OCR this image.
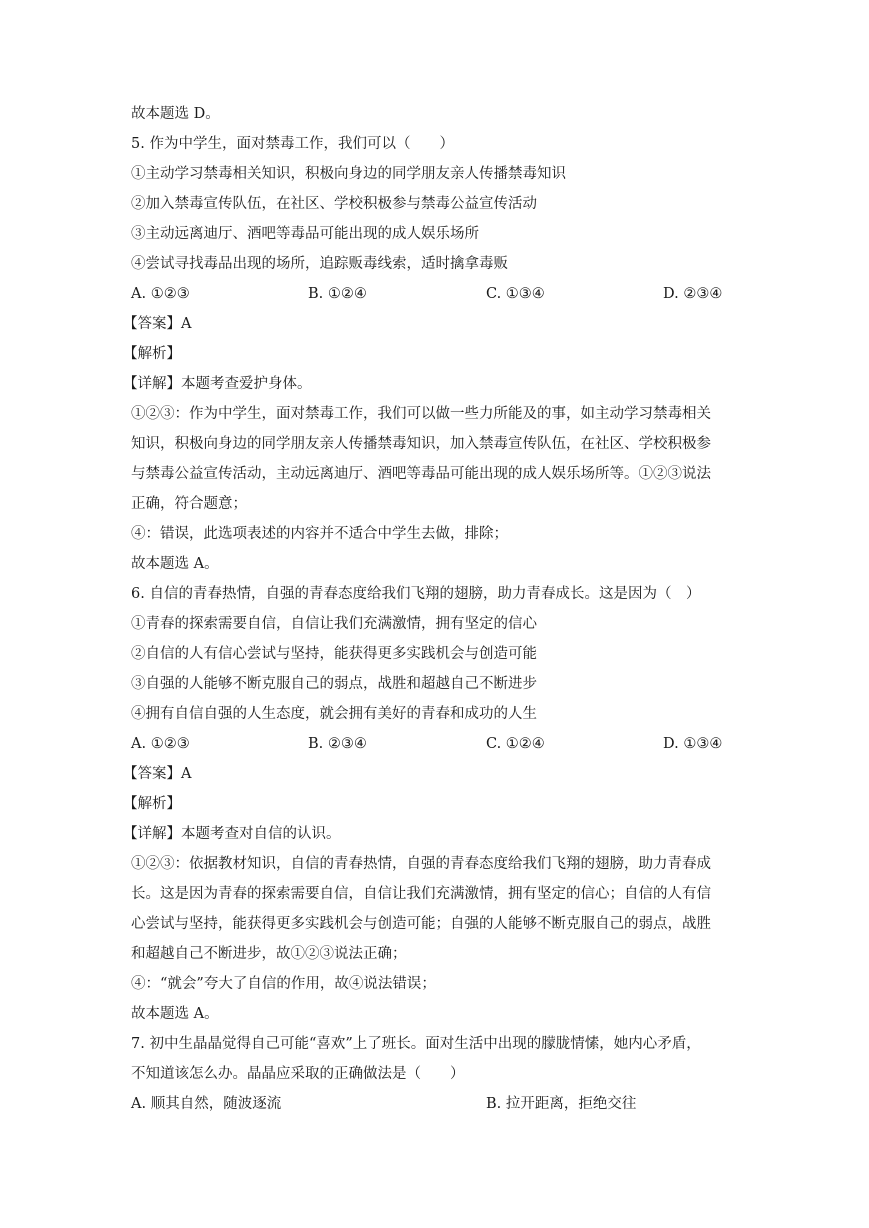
故本题选 D。
5. 作为中学生，面对禁毒工作，我们可以（　　）
①主动学习禁毒相关知识，积极向身边的同学朋友亲人传播禁毒知识
②加入禁毒宣传队伍，在社区、学校积极参与禁毒公益宣传活动
③主动远离迪厅、酒吧等毒品可能出现的成人娱乐场所
④尝试寻找毒品出现的场所，追踪贩毒线索，适时擒拿毒贩
A. ①②③	B. ①②④	C. ①③④	D. ②③④
【答案】A
【解析】
【详解】本题考查爱护身体。
①②③：作为中学生，面对禁毒工作，我们可以做一些力所能及的事，如主动学习禁毒相关
知识，积极向身边的同学朋友亲人传播禁毒知识，加入禁毒宣传队伍，在社区、学校积极参
与禁毒公益宣传活动，主动远离迪厅、酒吧等毒品可能出现的成人娱乐场所等。①②③说法
正确，符合题意；
④：错误，此选项表述的内容并不适合中学生去做，排除；
故本题选 A。
6. 自信的青春热情，自强的青春态度给我们飞翔的翅膀，助力青春成长。这是因为（　）
①青春的探索需要自信，自信让我们充满激情，拥有坚定的信心
②自信的人有信心尝试与坚持，能获得更多实践机会与创造可能
③自强的人能够不断克服自己的弱点，战胜和超越自己不断进步
④拥有自信自强的人生态度，就会拥有美好的青春和成功的人生
A. ①②③	B. ②③④	C. ①②④	D. ①③④
【答案】A
【解析】
【详解】本题考查对自信的认识。
①②③：依据教材知识，自信的青春热情，自强的青春态度给我们飞翔的翅膀，助力青春成
长。这是因为青春的探索需要自信，自信让我们充满激情，拥有坚定的信心；自信的人有信
心尝试与坚持，能获得更多实践机会与创造可能；自强的人能够不断克服自己的弱点，战胜
和超越自己不断进步，故①②③说法正确；
④：“就会”夸大了自信的作用，故④说法错误；
故本题选 A。
7. 初中生晶晶觉得自己可能“喜欢”上了班长。面对生活中出现的朦胧情愫，她内心矛盾，
不知道该怎么办。晶晶应采取的正确做法是（　　）
A. 顺其自然，随波逐流	B. 拉开距离，拒绝交往
